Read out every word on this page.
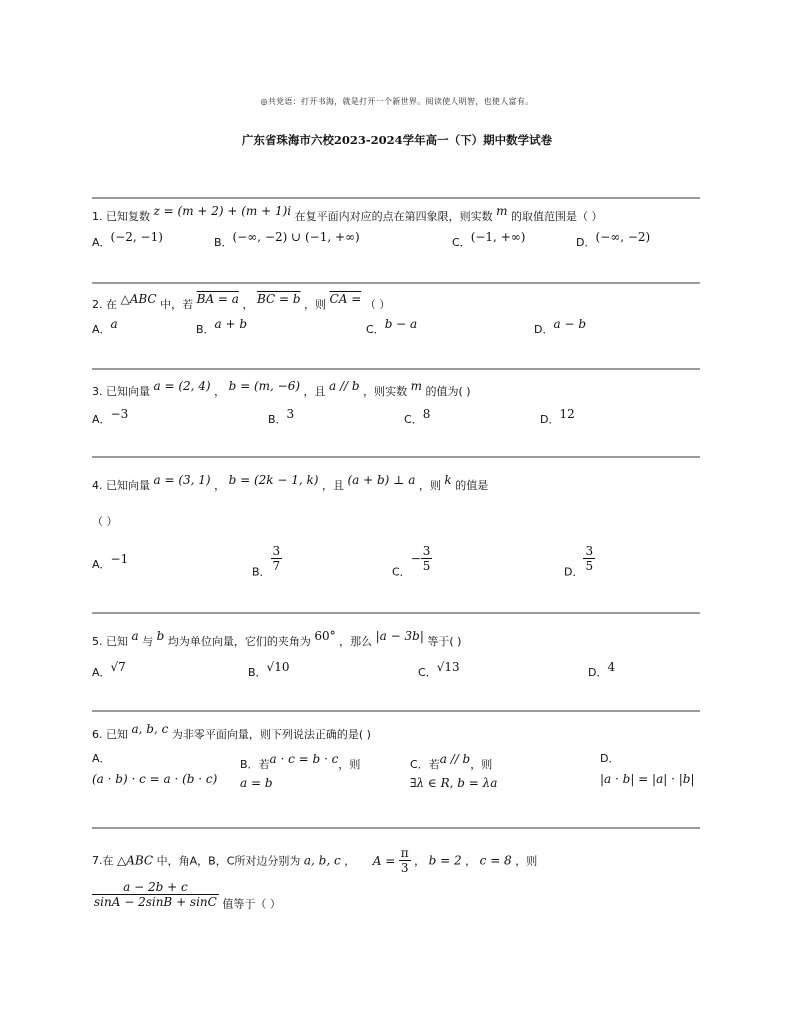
◎共党语：打开书海，就是打开一个新世界。阅读使人明智，也使人富有。
广东省珠海市六校2023-2024学年高一（下）期中数学试卷
1. 已知复数 z = (m + 2) + (m + 1)i 在复平面内对应的点在第四象限，则实数 m 的取值范围是（ ）
A．(−2, −1)	B．(−∞, −2) ∪ (−1, +∞)	C．(−1, +∞)	D．(−∞, −2)
2. 在 △ABC 中，若 BA = a ， BC = b ，则 CA = （ ）
A．a	B．a + b	C．b − a	D．a − b
3. 已知向量 a = (2, 4) ， b = (m, −6) ，且 a // b ，则实数 m 的值为( )
A．−3	B．3	C．8	D．12
4. 已知向量 a = (3, 1) ， b = (2k − 1, k) ，且 (a + b) ⊥ a ，则 k 的值是
（ ）
A．−1
B． $\frac{3}{7}$	C．− $\frac{3}{5}$	D． $\frac{3}{5}$
5. 已知 a 与 b 均为单位向量，它们的夹角为 60° ，那么 |a − 3b| 等于( )
A．√7	B．√10	C．√13	D．4
6. 已知 a, b, c 为非零平面向量，则下列说法正确的是( )
A．
(a · b) · c = a · (b · c)
B．若a · c = b · c，则
a = b
C．若a // b，则
∃λ ∈ R, b = λa
D．
|a · b| = |a| · |b|
7.在 △ABC 中，角A，B，C所对边分别为 a, b, c ， $A = \frac{\pi}{3}$ ， b = 2 ， c = 8 ，则
$\frac{a - 2b + c}{\sin A - 2\sin B + \sin C}$ 值等于（ ）
